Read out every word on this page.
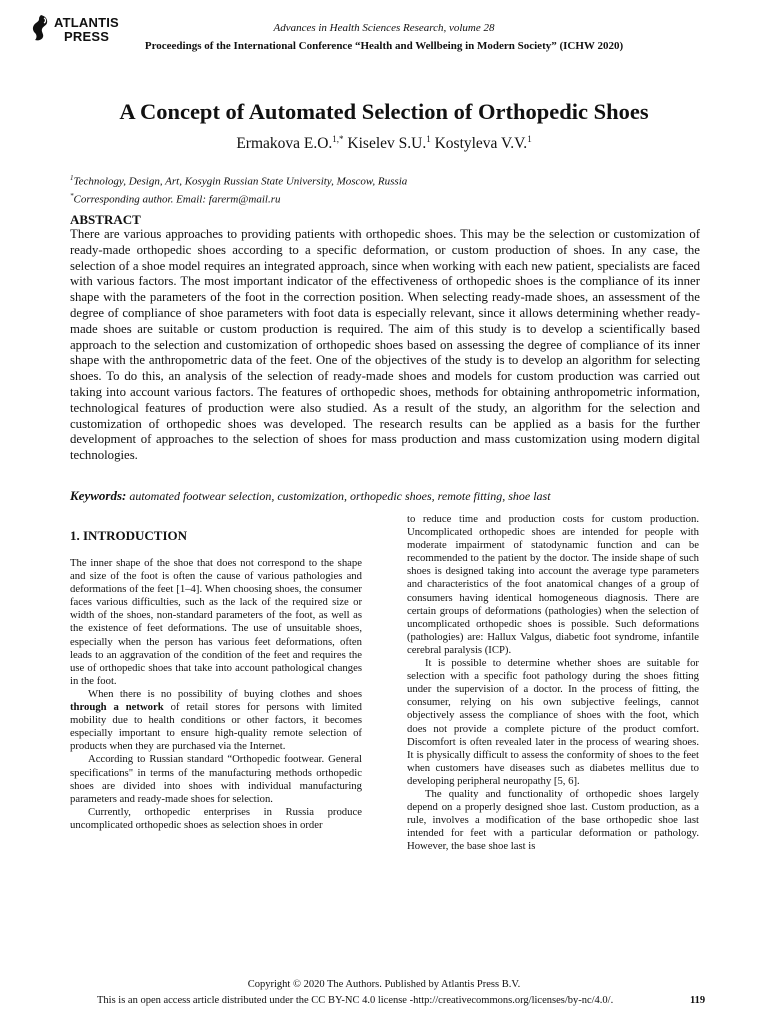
ATLANTIS
PRESS
Advances in Health Sciences Research, volume 28
Proceedings of the International Conference “Health and Wellbeing in Modern Society” (ICHW 2020)
A Concept of Automated Selection of Orthopedic Shoes
Ermakova E.O.$^{1,*}$ Kiselev S.U.$^1$ Kostyleva V.V.$^1$
$^1$Technology, Design, Art, Kosygin Russian State University, Moscow, Russia
*Corresponding author. Email: farerm@mail.ru
ABSTRACT
There are various approaches to providing patients with orthopedic shoes. This may be the selection or customization of ready-made orthopedic shoes according to a specific deformation, or custom production of shoes. In any case, the selection of a shoe model requires an integrated approach, since when working with each new patient, specialists are faced with various factors. The most important indicator of the effectiveness of orthopedic shoes is the compliance of its inner shape with the parameters of the foot in the correction position. When selecting ready-made shoes, an assessment of the degree of compliance of shoe parameters with foot data is especially relevant, since it allows determining whether ready-made shoes are suitable or custom production is required. The aim of this study is to develop a scientifically based approach to the selection and customization of orthopedic shoes based on assessing the degree of compliance of its inner shape with the anthropometric data of the feet. One of the objectives of the study is to develop an algorithm for selecting shoes. To do this, an analysis of the selection of ready-made shoes and models for custom production was carried out taking into account various factors. The features of orthopedic shoes, methods for obtaining anthropometric information, technological features of production were also studied. As a result of the study, an algorithm for the selection and customization of orthopedic shoes was developed. The research results can be applied as a basis for the further development of approaches to the selection of shoes for mass production and mass customization using modern digital technologies.
Keywords: automated footwear selection, customization, orthopedic shoes, remote fitting, shoe last
1. INTRODUCTION

The inner shape of the shoe that does not correspond to the shape and size of the foot is often the cause of various pathologies and deformations of the feet [1–4]. When choosing shoes, the consumer faces various difficulties, such as the lack of the required size or width of the shoes, non-standard parameters of the foot, as well as the existence of feet deformations. The use of unsuitable shoes, especially when the person has various feet deformations, often leads to an aggravation of the condition of the feet and requires the use of orthopedic shoes that take into account pathological changes in the foot.

When there is no possibility of buying clothes and shoes through a network of retail stores for persons with limited mobility due to health conditions or other factors, it becomes especially important to ensure high-quality remote selection of products when they are purchased via the Internet.

According to Russian standard “Orthopedic footwear. General specifications" in terms of the manufacturing methods orthopedic shoes are divided into shoes with individual manufacturing parameters and ready-made shoes for selection.

Currently, orthopedic enterprises in Russia produce uncomplicated orthopedic shoes as selection shoes in order

to reduce time and production costs for custom production. Uncomplicated orthopedic shoes are intended for people with moderate impairment of statodynamic function and can be recommended to the patient by the doctor. The inside shape of such shoes is designed taking into account the average type parameters and characteristics of the foot anatomical changes of a group of consumers having identical homogeneous diagnosis. There are certain groups of deformations (pathologies) when the selection of uncomplicated orthopedic shoes is possible. Such deformations (pathologies) are: Hallux Valgus, diabetic foot syndrome, infantile cerebral paralysis (ICP).

It is possible to determine whether shoes are suitable for selection with a specific foot pathology during the shoes fitting under the supervision of a doctor. In the process of fitting, the consumer, relying on his own subjective feelings, cannot objectively assess the compliance of shoes with the foot, which does not provide a complete picture of the product comfort. Discomfort is often revealed later in the process of wearing shoes. It is physically difficult to assess the conformity of shoes to the feet when customers have diseases such as diabetes mellitus due to developing peripheral neuropathy [5, 6].

The quality and functionality of orthopedic shoes largely depend on a properly designed shoe last. Custom production, as a rule, involves a modification of the base orthopedic shoe last intended for feet with a particular deformation or pathology. However, the base shoe last is

Copyright © 2020 The Authors. Published by Atlantis Press B.V.
This is an open access article distributed under the CC BY-NC 4.0 license -http://creativecommons.org/licenses/by-nc/4.0/.	119
